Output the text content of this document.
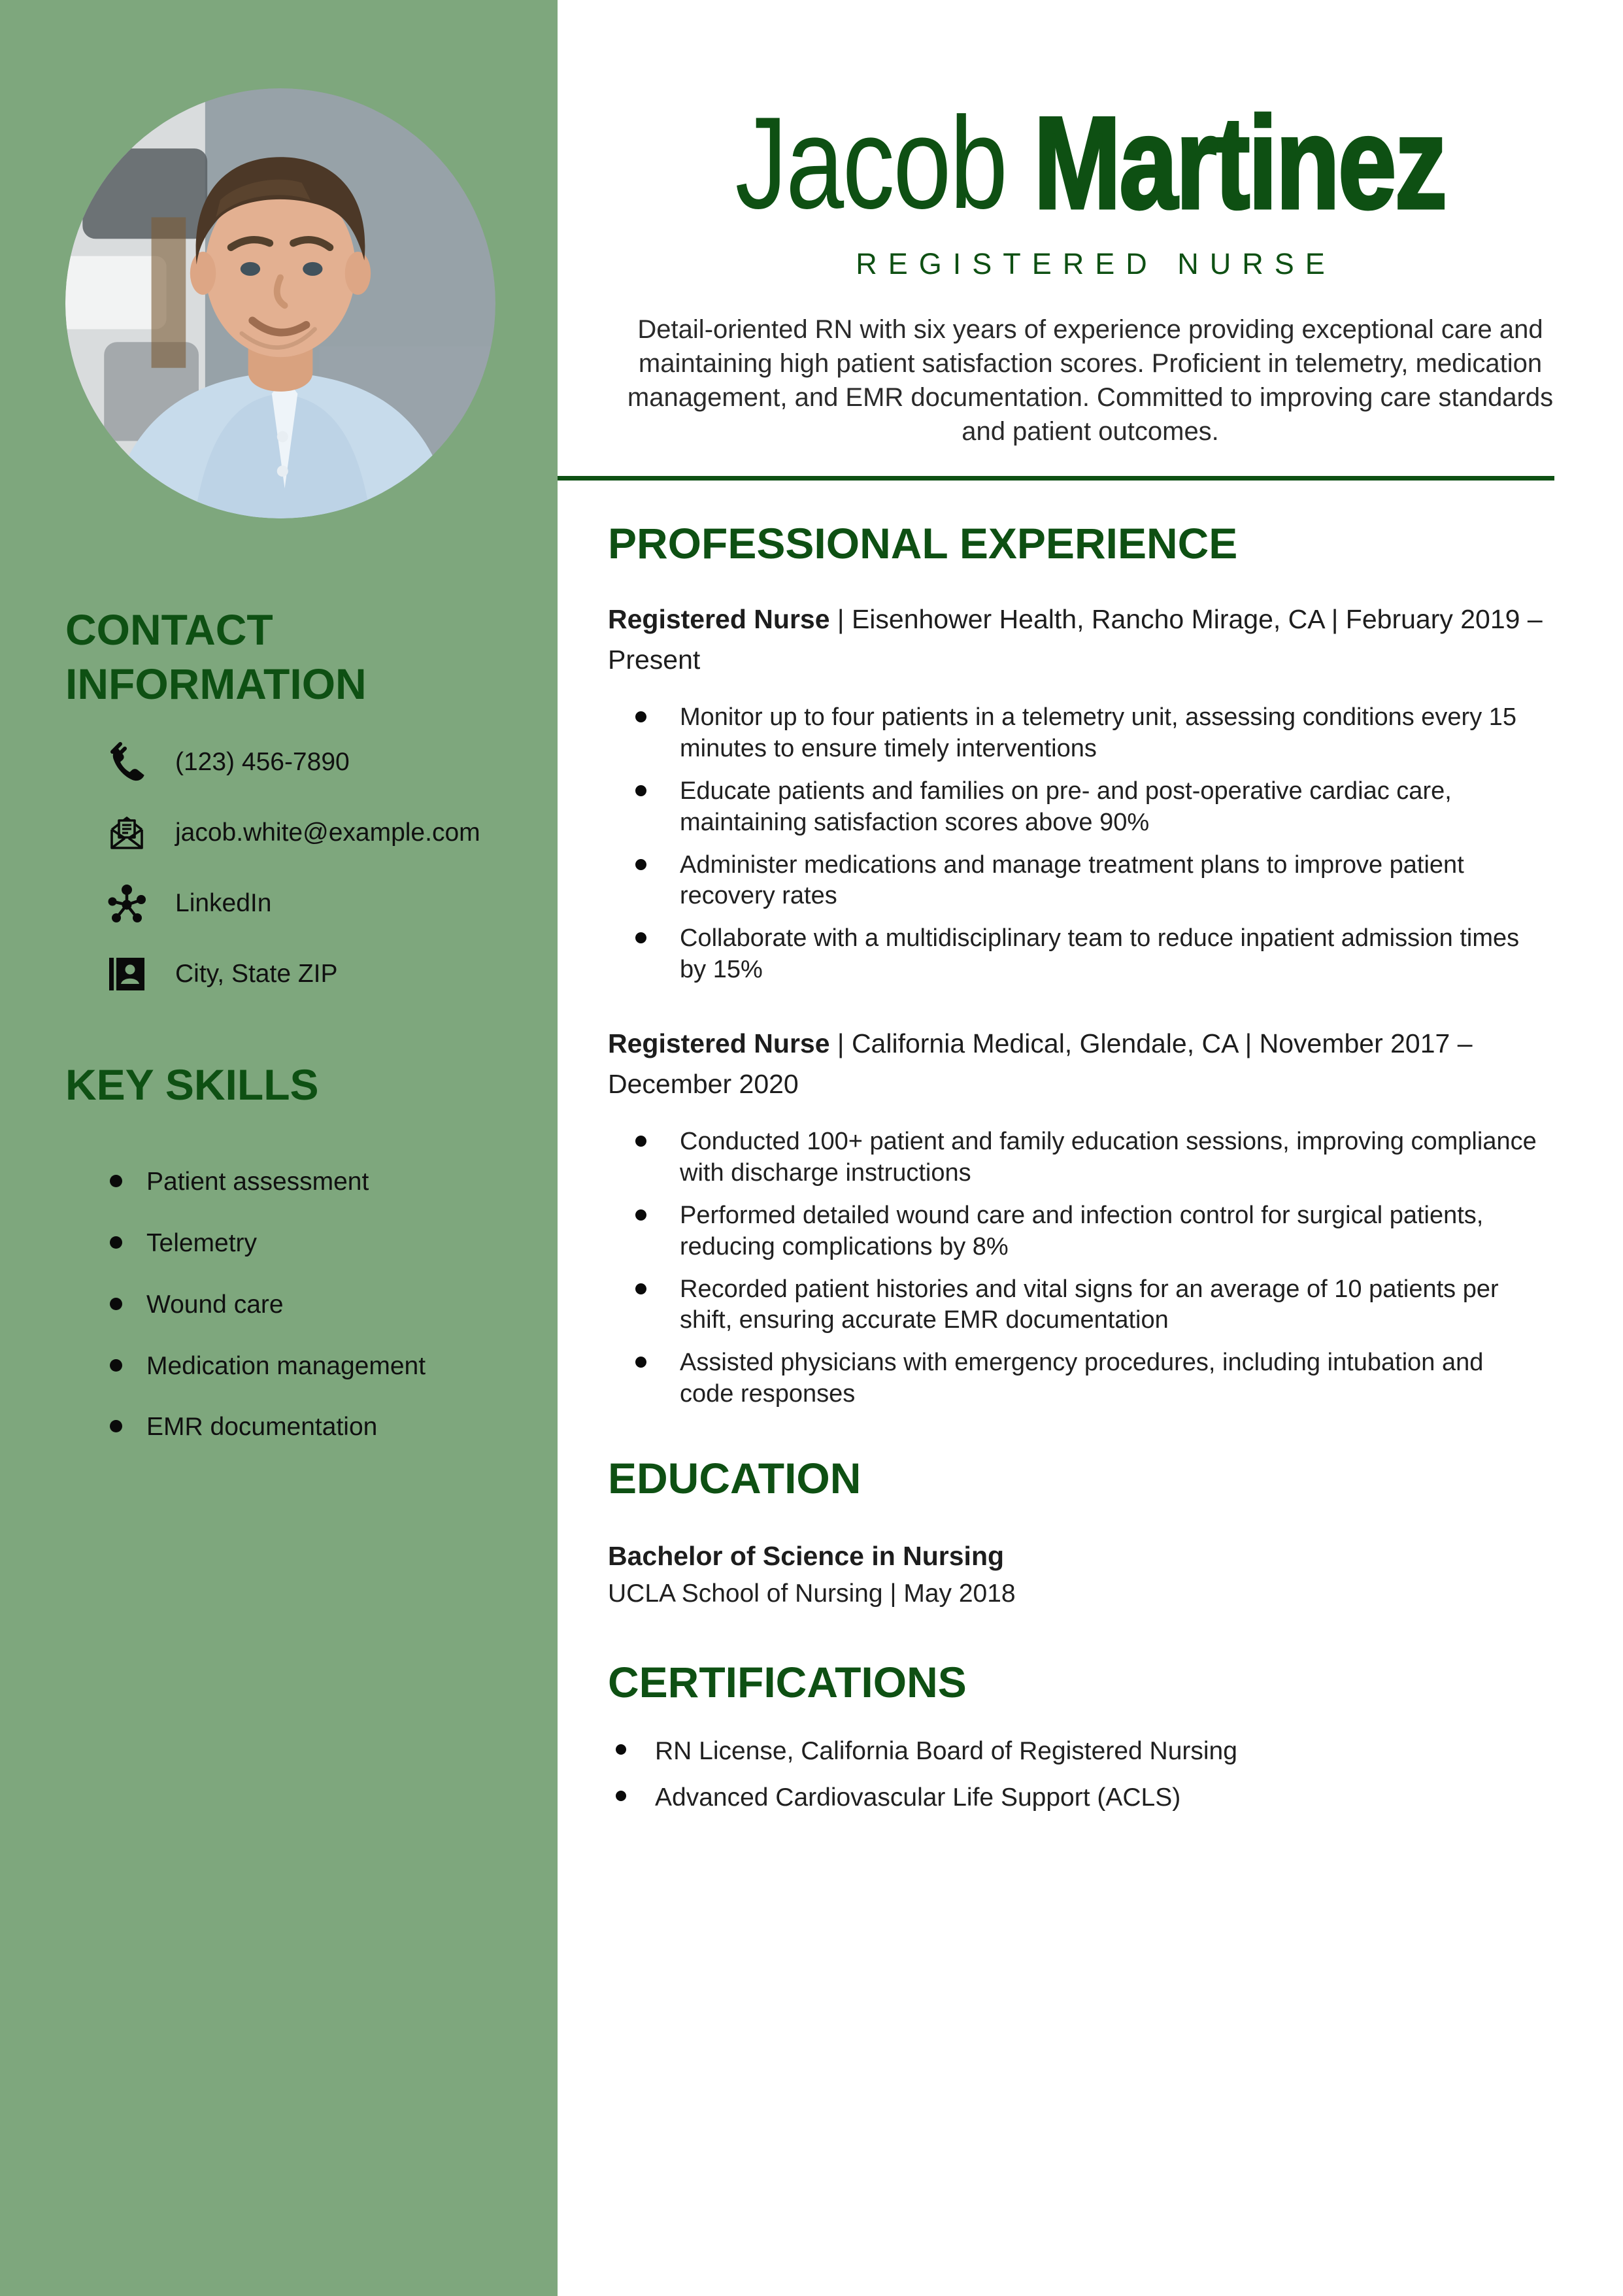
CONTACT INFORMATION
(123) 456-7890
jacob.white@example.com
LinkedIn
City, State ZIP
KEY SKILLS
Patient assessment
Telemetry
Wound care
Medication management
EMR documentation
Jacob Martinez
REGISTERED NURSE

Detail-oriented RN with six years of experience providing exceptional care and maintaining high patient satisfaction scores. Proficient in telemetry, medication management, and EMR documentation. Committed to improving care standards and patient outcomes.

PROFESSIONAL EXPERIENCE

Registered Nurse | Eisenhower Health, Rancho Mirage, CA | February 2019 – Present

Monitor up to four patients in a telemetry unit, assessing conditions every 15 minutes to ensure timely interventions
Educate patients and families on pre- and post-operative cardiac care, maintaining satisfaction scores above 90%
Administer medications and manage treatment plans to improve patient recovery rates
Collaborate with a multidisciplinary team to reduce inpatient admission times by 15%

Registered Nurse | California Medical, Glendale, CA | November 2017 – December 2020

Conducted 100+ patient and family education sessions, improving compliance with discharge instructions
Performed detailed wound care and infection control for surgical patients, reducing complications by 8%
Recorded patient histories and vital signs for an average of 10 patients per shift, ensuring accurate EMR documentation
Assisted physicians with emergency procedures, including intubation and code responses
EDUCATION

Bachelor of Science in Nursing

UCLA School of Nursing | May 2018

CERTIFICATIONS
RN License, California Board of Registered Nursing
Advanced Cardiovascular Life Support (ACLS)
